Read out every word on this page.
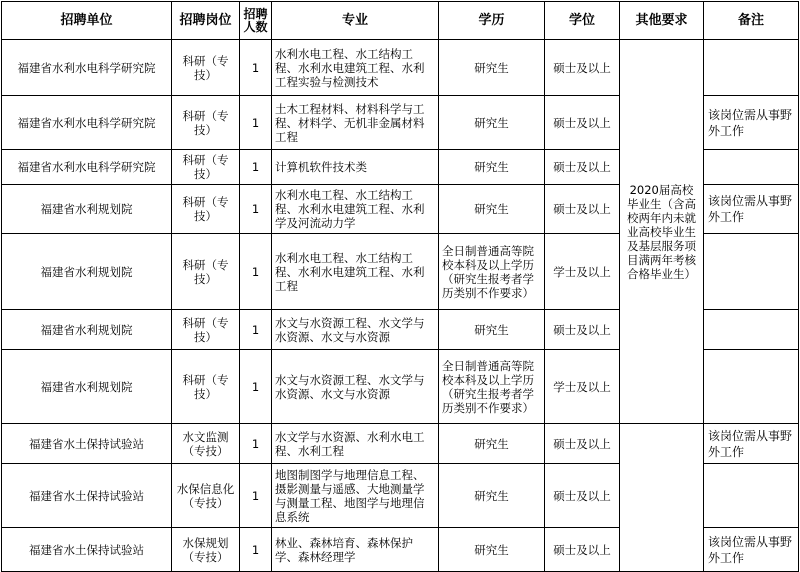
招聘单位	招聘岗位	招聘人数	专业	学历	学位	其他要求	备注
福建省水利水电科学研究院	科研（专技）	1	水利水电工程、水工结构工程、水利水电建筑工程、水利工程实验与检测技术	研究生	硕士及以上	2020届高校毕业生（含高校两年内未就业高校毕业生及基层服务项目满两年考核合格毕业生）	
福建省水利水电科学研究院	科研（专技）	1	土木工程材料、材料科学与工程、材料学、无机非金属材料工程	研究生	硕士及以上		该岗位需从事野外工作
福建省水利水电科学研究院	科研（专技）	1	计算机软件技术类	研究生	硕士及以上		
福建省水利规划院	科研（专技）	1	水利水电工程、水工结构工程、水利水电建筑工程、水利学及河流动力学	研究生	硕士及以上		该岗位需从事野外工作
福建省水利规划院	科研（专技）	1	水利水电工程、水工结构工程、水利水电建筑工程、水利工程	全日制普通高等院校本科及以上学历（研究生报考者学历类别不作要求）	学士及以上		
福建省水利规划院	科研（专技）	1	水文与水资源工程、水文学与水资源、水文与水资源	研究生	硕士及以上		
福建省水利规划院	科研（专技）	1	水文与水资源工程、水文学与水资源、水文与水资源	全日制普通高等院校本科及以上学历（研究生报考者学历类别不作要求）	学士及以上		
福建省水土保持试验站	水文监测（专技）	1	水文学与水资源、水利水电工程、水利工程	研究生	硕士及以上		该岗位需从事野外工作
福建省水土保持试验站	水保信息化（专技）	1	地图制图学与地理信息工程、摄影测量与遥感、大地测量学与测量工程、地图学与地理信息系统	研究生	硕士及以上		
福建省水土保持试验站	水保规划（专技）	1	林业、森林培育、森林保护学、森林经理学	研究生	硕士及以上		该岗位需从事野外工作
